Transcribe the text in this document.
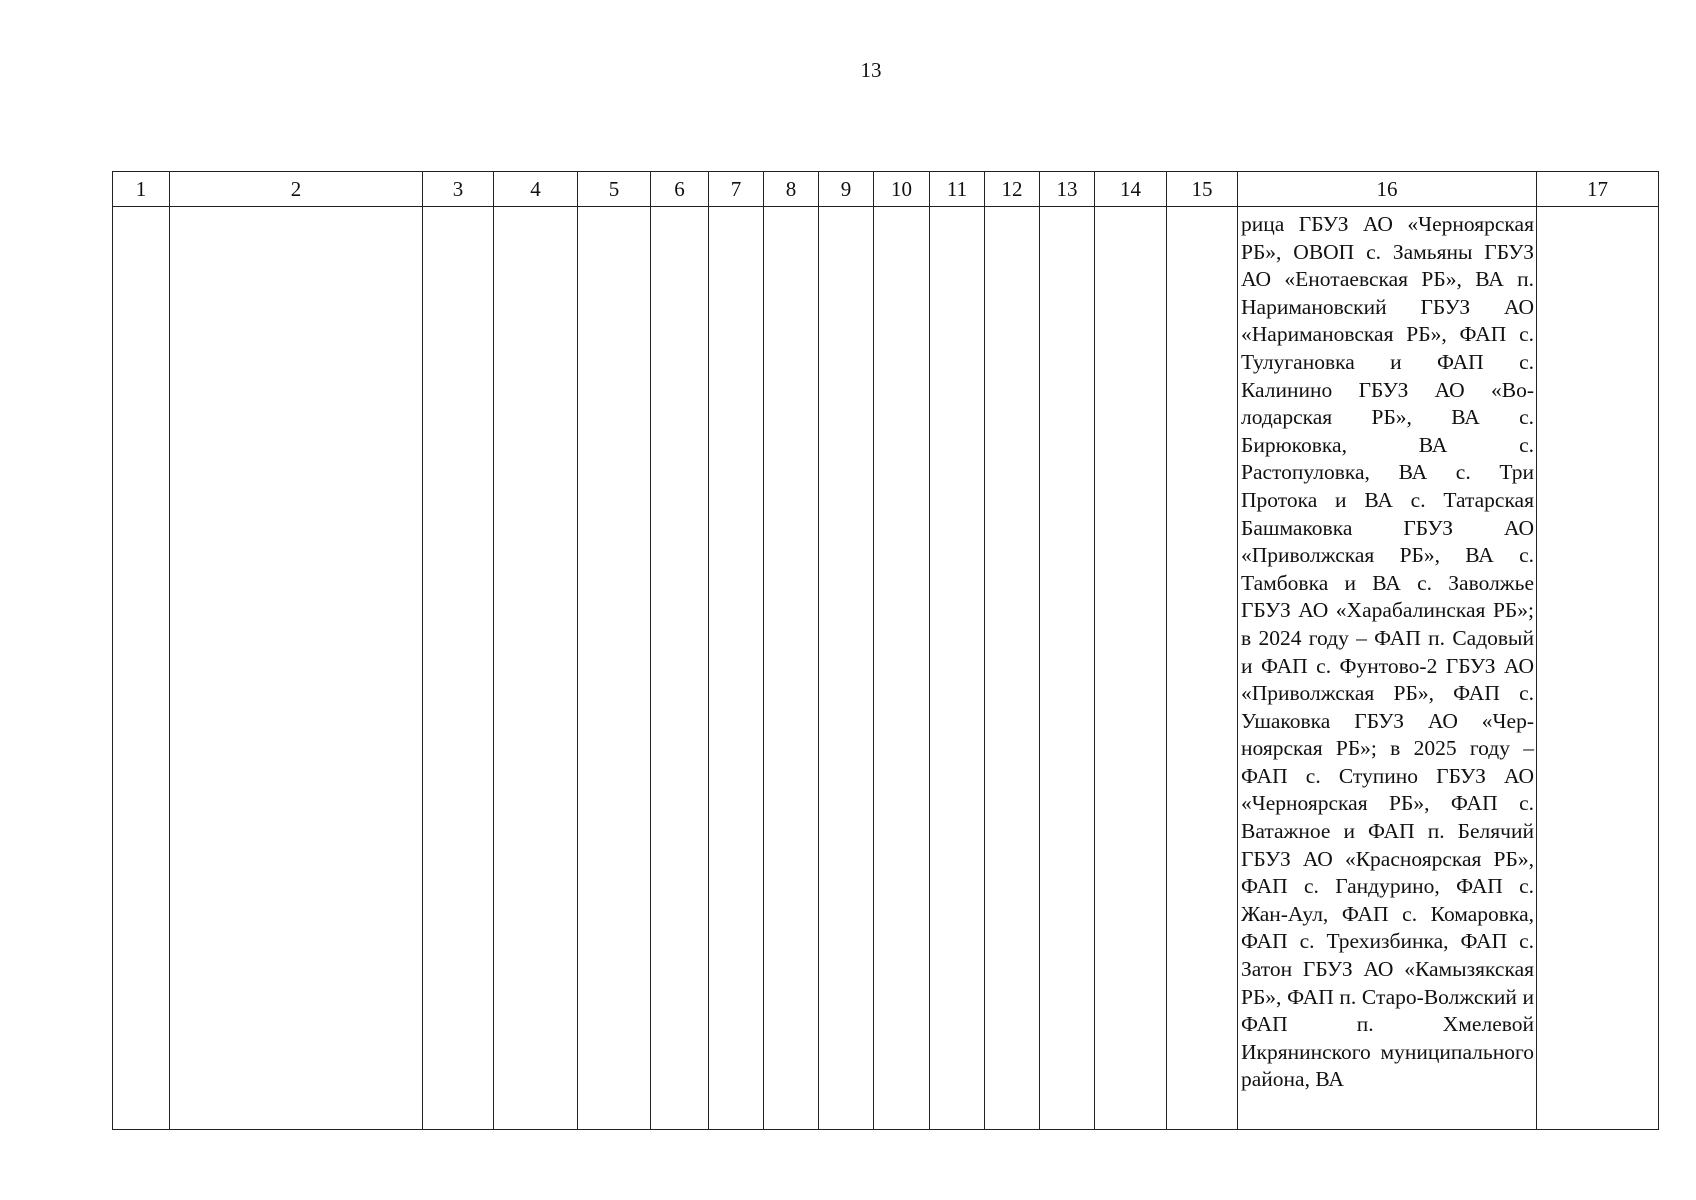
13
1	2	3	4	5	6	7	8	9	10	11	12	13	14	15	16	17

															рица ГБУЗ АО «Черноярская РБ», ОВОП с. Замьяны ГБУЗ АО «Енотаевская РБ», ВА п. Наримановский ГБУЗ АО «Наримановская РБ», ФАП с. Тулугановка и ФАП с. Калинино ГБУЗ АО «Володарская РБ», ВА с. Бирюковка, ВА с. Растопуловка, ВА с. Три Протока и ВА с. Татарская Башмаковка ГБУЗ АО «Приволжская РБ», ВА с. Тамбовка и ВА с. Заволжье ГБУЗ АО «Харабалинская РБ»; в 2024 году – ФАП п. Садовый и ФАП с. Фунтово-2 ГБУЗ АО «Приволжская РБ», ФАП с. Ушаковка ГБУЗ АО «Черноярская РБ»; в 2025 году – ФАП с. Ступино ГБУЗ АО «Черноярская РБ», ФАП с. Ватажное и ФАП п. Белячий ГБУЗ АО «Красноярская РБ», ФАП с. Гандурино, ФАП с. Жан-Аул, ФАП с. Комаровка, ФАП с. Трехизбинка, ФАП с. Затон ГБУЗ АО «Камызякская РБ», ФАП п. Старо-Волжский и ФАП п. Хмелевой Икрянинского муниципального района, ВА	
